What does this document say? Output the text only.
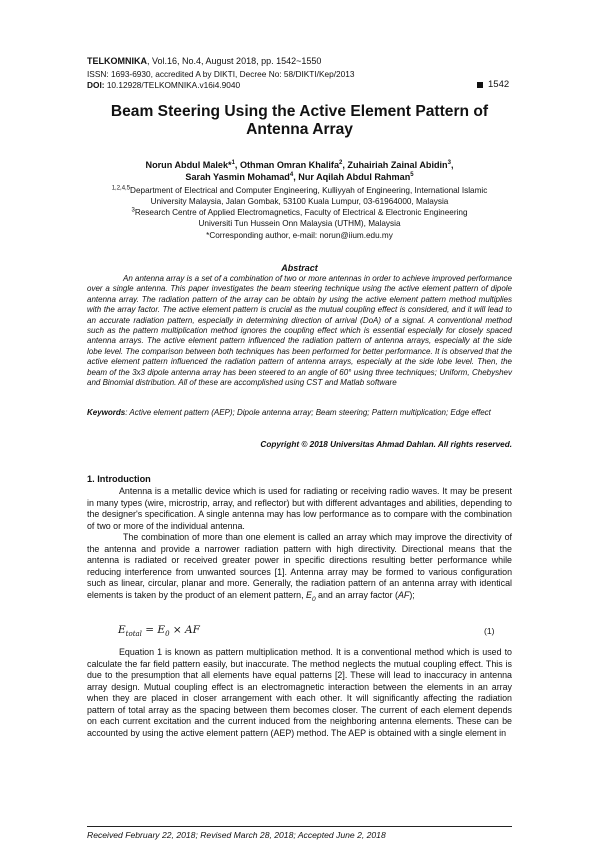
TELKOMNIKA, Vol.16, No.4, August 2018, pp. 1542~1550
ISSN: 1693-6930, accredited A by DIKTI, Decree No: 58/DIKTI/Kep/2013
DOI: 10.12928/TELKOMNIKA.v16i4.9040	1542
Beam Steering Using the Active Element Pattern of Antenna Array
Norun Abdul Malek*$^1$, Othman Omran Khalifa$^2$, Zuhairiah Zainal Abidin$^3$,
Sarah Yasmin Mohamad$^4$, Nur Aqilah Abdul Rahman$^5$
$^{1,2,4,5}$Department of Electrical and Computer Engineering, Kulliyyah of Engineering, International Islamic
University Malaysia, Jalan Gombak, 53100 Kuala Lumpur, 03-61964000, Malaysia
$^3$Research Centre of Applied Electromagnetics, Faculty of Electrical & Electronic Engineering
Universiti Tun Hussein Onn Malaysia (UTHM), Malaysia
*Corresponding author, e-mail: norun@iium.edu.my
Abstract

An antenna array is a set of a combination of two or more antennas in order to achieve improved performance over a single antenna. This paper investigates the beam steering technique using the active element pattern of dipole antenna array. The radiation pattern of the array can be obtain by using the active element pattern method multiplies with the array factor. The active element pattern is crucial as the mutual coupling effect is considered, and it will lead to an accurate radiation pattern, especially in determining direction of arrival (DoA) of a signal. A conventional method such as the pattern multiplication method ignores the coupling effect which is essential especially for closely spaced antenna arrays. The active element pattern influenced the radiation pattern of antenna arrays, especially at the side lobe level. The comparison between both techniques has been performed for better performance. It is observed that the active element pattern influenced the radiation pattern of antenna arrays, especially at the side lobe level. Then, the beam of the 3x3 dipole antenna array has been steered to an angle of 60° using three techniques; Uniform, Chebyshev and Binomial distribution. All of these are accomplished using CST and Matlab software

Keywords: Active element pattern (AEP); Dipole antenna array; Beam steering; Pattern multiplication; Edge effect

Copyright © 2018 Universitas Ahmad Dahlan. All rights reserved.
1. Introduction

Antenna is a metallic device which is used for radiating or receiving radio waves. It may be present in many types (wire, microstrip, array, and reflector) but with different advantages and abilities, depending to the designer's specification. A single antenna may has low performance as to compare with the combination of two or more of the individual antenna.

The combination of more than one element is called an array which may improve the directivity of the antenna and provide a narrower radiation pattern with high directivity. Directional means that the antenna is radiated or received greater power in specific directions resulting better performance while reducing interference from unwanted sources [1]. Antenna array may be formed to various configuration such as linear, circular, planar and more. Generally, the radiation pattern of an antenna array with identical elements is taken by the product of an element pattern, $E_0$ and an array factor (AF);

$E_{total} = E_0$ × AF	(1)

Equation 1 is known as pattern multiplication method. It is a conventional method which is used to calculate the far field pattern easily, but inaccurate. The method neglects the mutual coupling effect. This is due to the presumption that all elements have equal patterns [2]. These will lead to inaccuracy in antenna array design. Mutual coupling effect is an electromagnetic interaction between the elements in an array when they are placed in closer arrangement with each other. It will significantly affecting the radiation pattern of total array as the spacing between them becomes closer. The current of each element depends on each current excitation and the current induced from the neighboring antenna elements. These can be accounted by using the active element pattern (AEP) method. The AEP is obtained with a single element in

Received February 22, 2018; Revised March 28, 2018; Accepted June 2, 2018
